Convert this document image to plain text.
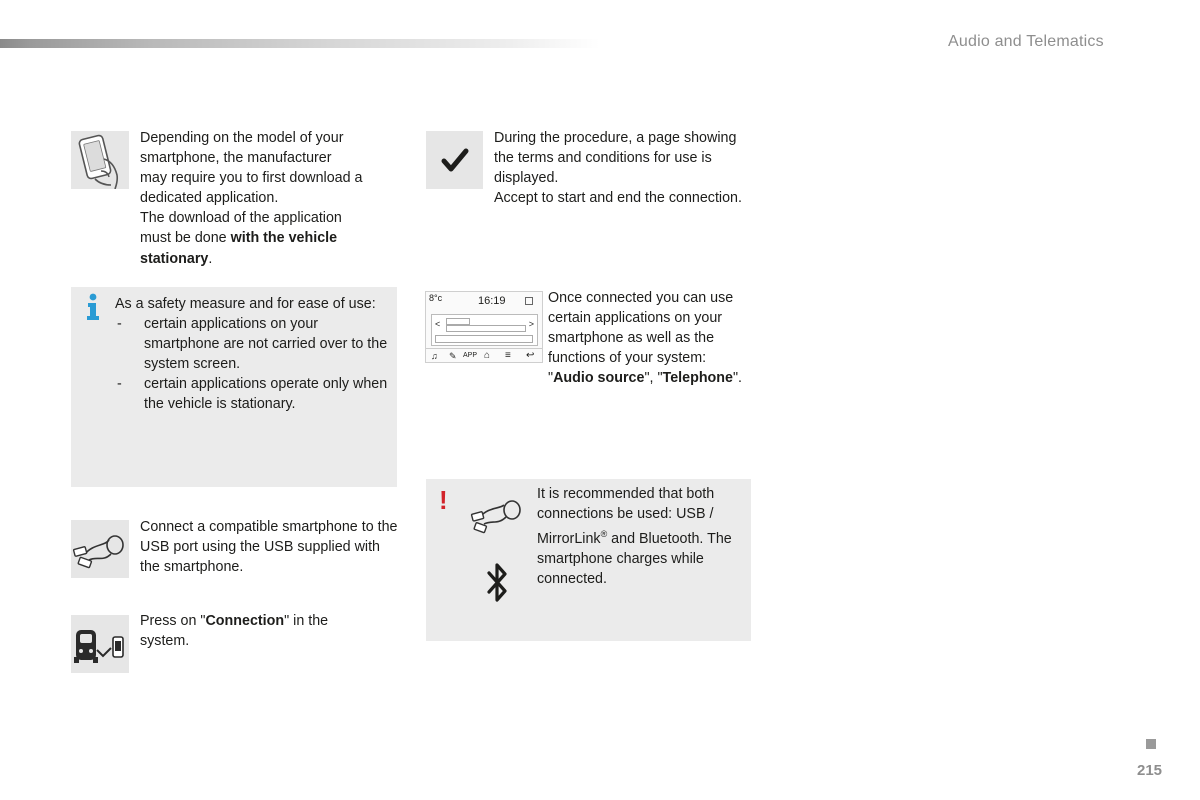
Audio and Telematics
Depending on the model of your
smartphone, the manufacturer
may require you to first download a
dedicated application.
The download of the application
must be done with the vehicle stationary.
As a safety measure and for ease of use:
- certain applications on your smartphone are not carried over to the system screen.
- certain applications operate only when the vehicle is stationary.
Connect a compatible smartphone to the USB port using the USB supplied with the smartphone.
Press on "Connection" in the system.
During the procedure, a page showing the terms and conditions for use is displayed.
Accept to start and end the connection.
8°c	16:19
<	>
♫ ✎ APP ⌂ ≡ ↩
Once connected you can use certain applications on your smartphone as well as the functions of your system: "Audio source", "Telephone".
!	It is recommended that both connections be used: USB / MirrorLink® and Bluetooth. The smartphone charges while connected.
215
